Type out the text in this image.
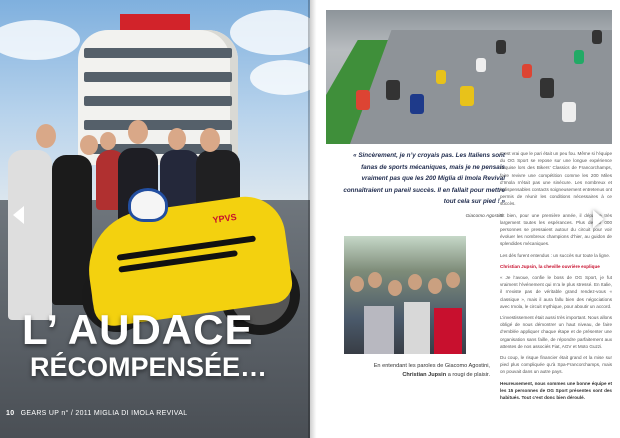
YPVS
L’ AUDACE
RÉCOMPENSÉE…
10 GEARS UP n° / 2011 MIGLIA DI IMOLA REVIVAL
« Sincèrement, je n’y croyais pas. Les Italiens sont fanas de sports mécaniques, mais je ne pensais vraiment pas que les 200 Miglia di Imola Revival connaîtraient un pareil succès. Il en fallait pour mettre tout cela sur pied ! »
Giacomo Agostini
En entendant les paroles de Giacomo Agostini,
Christian Jupsin a rougi de plaisir.

C’est vrai que le pari était un peu fou. Même si l’équipe du OG Sport se repose sur une longue expérience acquise lors des Bikers’ Classics de Francorchamps, faire revivre une compétition comme les 200 Miles d’Imola n’était pas une sinécure. Les nombreux et indispensables contacts soigneusement entretenus ont permis de réunir les conditions nécessaires à ce succès.

Et bien, pour une première année, il dépasse très largement toutes les espérances. Plus de 50 000 personnes se pressaient autour du circuit pour voir évoluer les nombreux champions d’hier, au guidon de splendides mécaniques.

Les dés furent entendus : un succès sur toute la ligne.

Christian Jupsin, la cheville ouvrière explique

« Je l’avoue, confie le boss de OG Sport, je fut vraiment l’événement qui m’a le plus stressé. En Italie, il n’existe pas de véritable grand rendez-vous « classique », mais il aura fallu bien des négociations avec Imola, le circuit mythique, pour aboutir un accord.

L’investissement était aussi très important. Nous allons obligé de nous démontrer un haut niveau, de faire d’emblée appliquer chaque étape et de présenter une organisation sans faille, de répondre parfaitement aux attentes de nos associés Fiat, AGV et Moto Guzzi.

Du coup, le risque financier était grand et la mise sur pied plus compliquée qu’à Spa-Francorchamps, mais on pouvait dans un autre pays.

Heureusement, nous sommes une bonne équipe et les 15 personnes de OG Sport présentes sont des habitués. Tout c’est donc bien déroulé.
